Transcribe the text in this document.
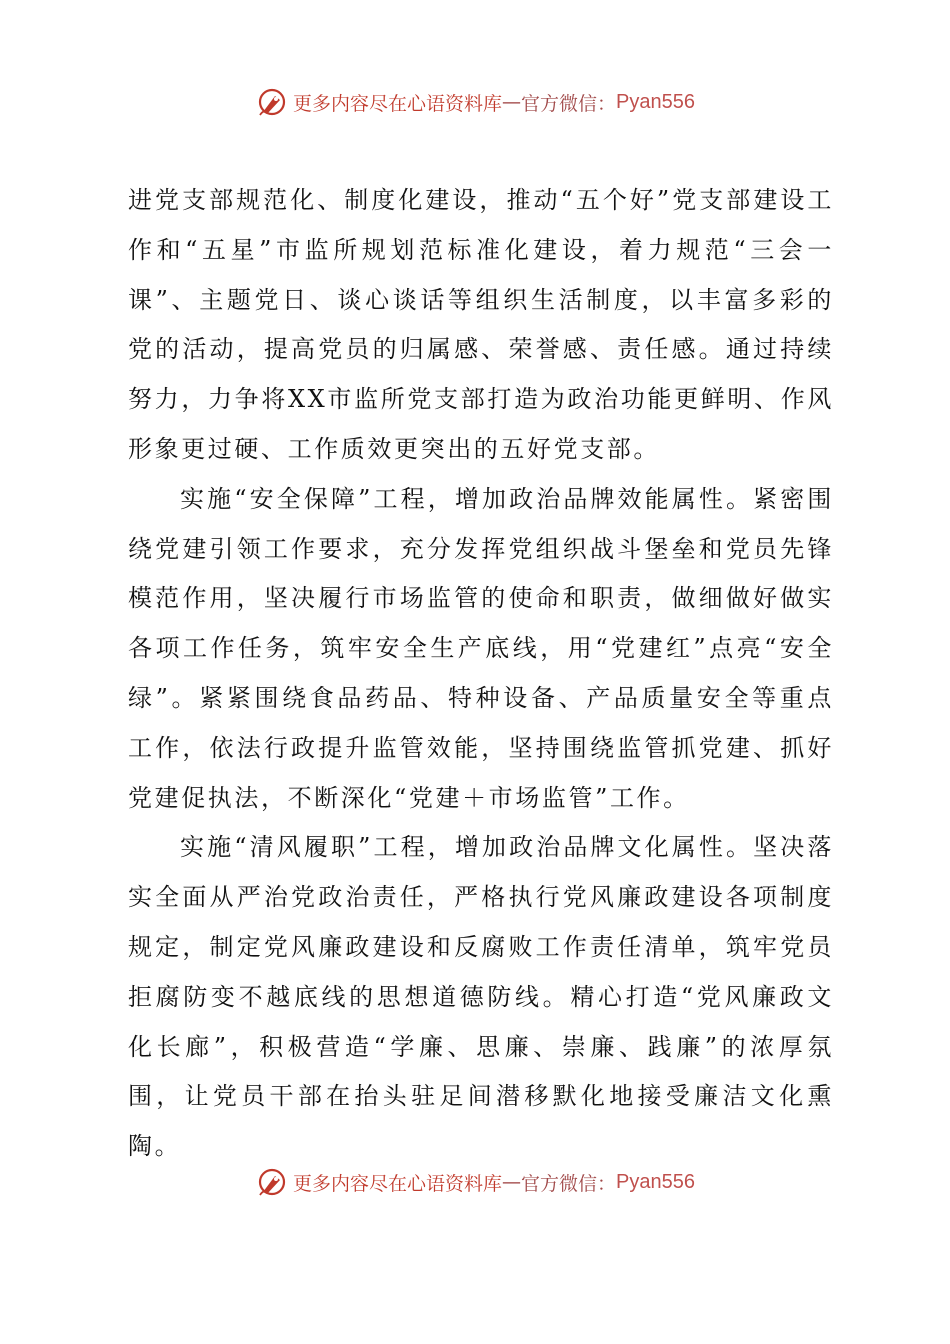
更多内容尽在心语资料库 — 官方微信： Pyan556

进党支部规范化、制度化建设，推动“五个好”党支部建设工作和“五星”市监所规划范标准化建设，着力规范“三会一课”、主题党日、谈心谈话等组织生活制度，以丰富多彩的党的活动，提高党员的归属感、荣誉感、责任感。通过持续努力，力争将XX市监所党支部打造为政治功能更鲜明、作风形象更过硬、工作质效更突出的五好党支部。

实施“安全保障”工程，增加政治品牌效能属性。紧密围绕党建引领工作要求，充分发挥党组织战斗堡垒和党员先锋模范作用，坚决履行市场监管的使命和职责，做细做好做实各项工作任务，筑牢安全生产底线，用“党建红”点亮“安全绿”。紧紧围绕食品药品、特种设备、产品质量安全等重点工作，依法行政提升监管效能，坚持围绕监管抓党建、抓好党建促执法，不断深化“党建＋市场监管”工作。

实施“清风履职”工程，增加政治品牌文化属性。坚决落实全面从严治党政治责任，严格执行党风廉政建设各项制度规定，制定党风廉政建设和反腐败工作责任清单，筑牢党员拒腐防变不越底线的思想道德防线。精心打造“党风廉政文化长廊”，积极营造“学廉、思廉、崇廉、践廉”的浓厚氛围，让党员干部在抬头驻足间潜移默化地接受廉洁文化熏陶。

更多内容尽在心语资料库 — 官方微信： Pyan556
